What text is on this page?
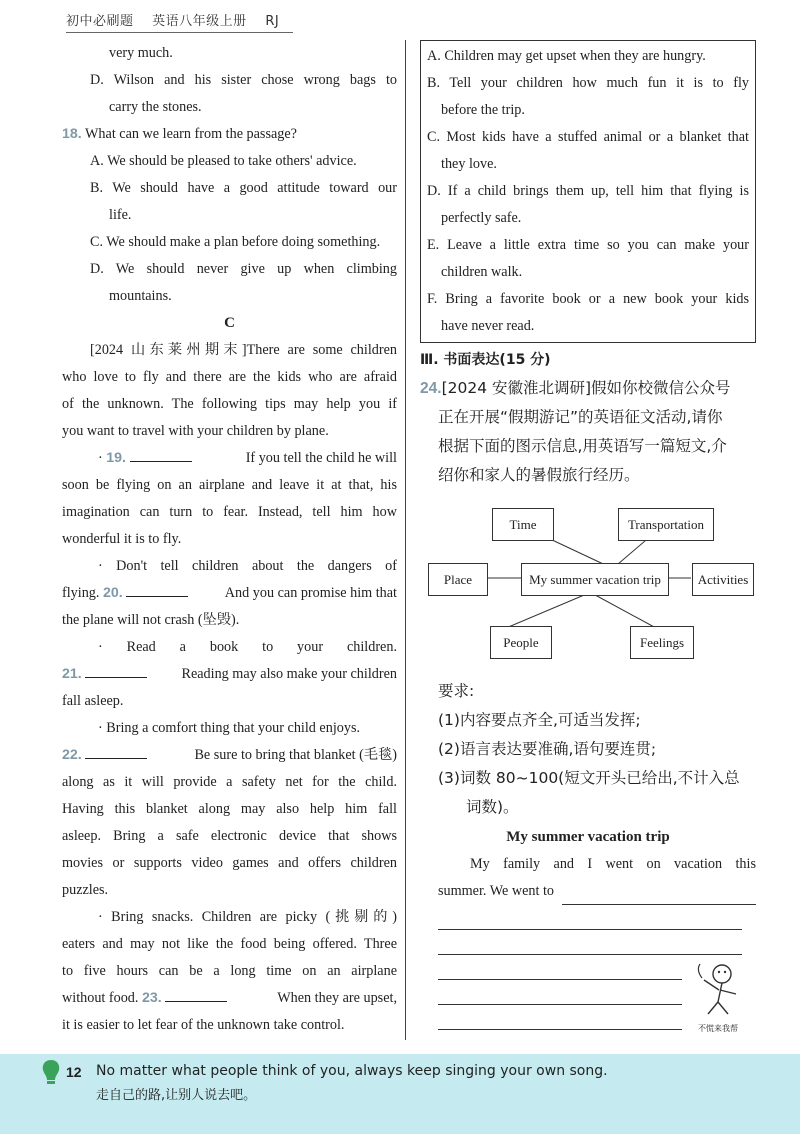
初中必刷题 英语八年级上册 RJ

very much.

D. Wilson and his sister chose wrong bags to

carry the stones.

18. What can we learn from the passage?

A. We should be pleased to take others' advice.

B. We should have a good attitude toward our

life.

C. We should make a plan before doing something.

D. We should never give up when climbing

mountains.

C

[2024 山东莱州期末]There are some children

who love to fly and there are the kids who are afraid

of the unknown. The following tips may help you if

you want to travel with your children by plane.

· 19.	If you tell the child he will

soon be flying on an airplane and leave it at that, his

imagination can turn to fear. Instead, tell him how

wonderful it is to fly.

· Don't tell children about the dangers of

flying. 20.	And you can promise him that

the plane will not crash (坠毁).

· Read a book to your children.

21.	Reading may also make your children

fall asleep.

· Bring a comfort thing that your child enjoys.

22.	Be sure to bring that blanket (毛毯)

along as it will provide a safety net for the child.

Having this blanket along may also help him fall

asleep. Bring a safe electronic device that shows

movies or supports video games and offers children

puzzles.

· Bring snacks. Children are picky (挑剔的)

eaters and may not like the food being offered. Three

to five hours can be a long time on an airplane

without food. 23.	When they are upset,

it is easier to let fear of the unknown take control.

A. Children may get upset when they are hungry.

B. Tell your children how much fun it is to fly

before the trip.

C. Most kids have a stuffed animal or a blanket that

they love.

D. If a child brings them up, tell him that flying is

perfectly safe.

E. Leave a little extra time so you can make your

children walk.

F. Bring a favorite book or a new book your kids

have never read.

Ⅲ. 书面表达(15 分)

24.[2024 安徽淮北调研]假如你校微信公众号

正在开展“假期游记”的英语征文活动,请你

根据下面的图示信息,用英语写一篇短文,介

绍你和家人的暑假旅行经历。

Time	Transportation
Place	My summer vacation trip	Activities
People	Feelings

要求:

(1)内容要点齐全,可适当发挥;

(2)语言表达要准确,语句要连贯;

(3)词数 80~100(短文开头已给出,不计入总

词数)。

My summer vacation trip

My family and I went on vacation this

summer. We went to
不慌来我帮
12 No matter what people think of you, always keep singing your own song.
走自己的路,让别人说去吧。
